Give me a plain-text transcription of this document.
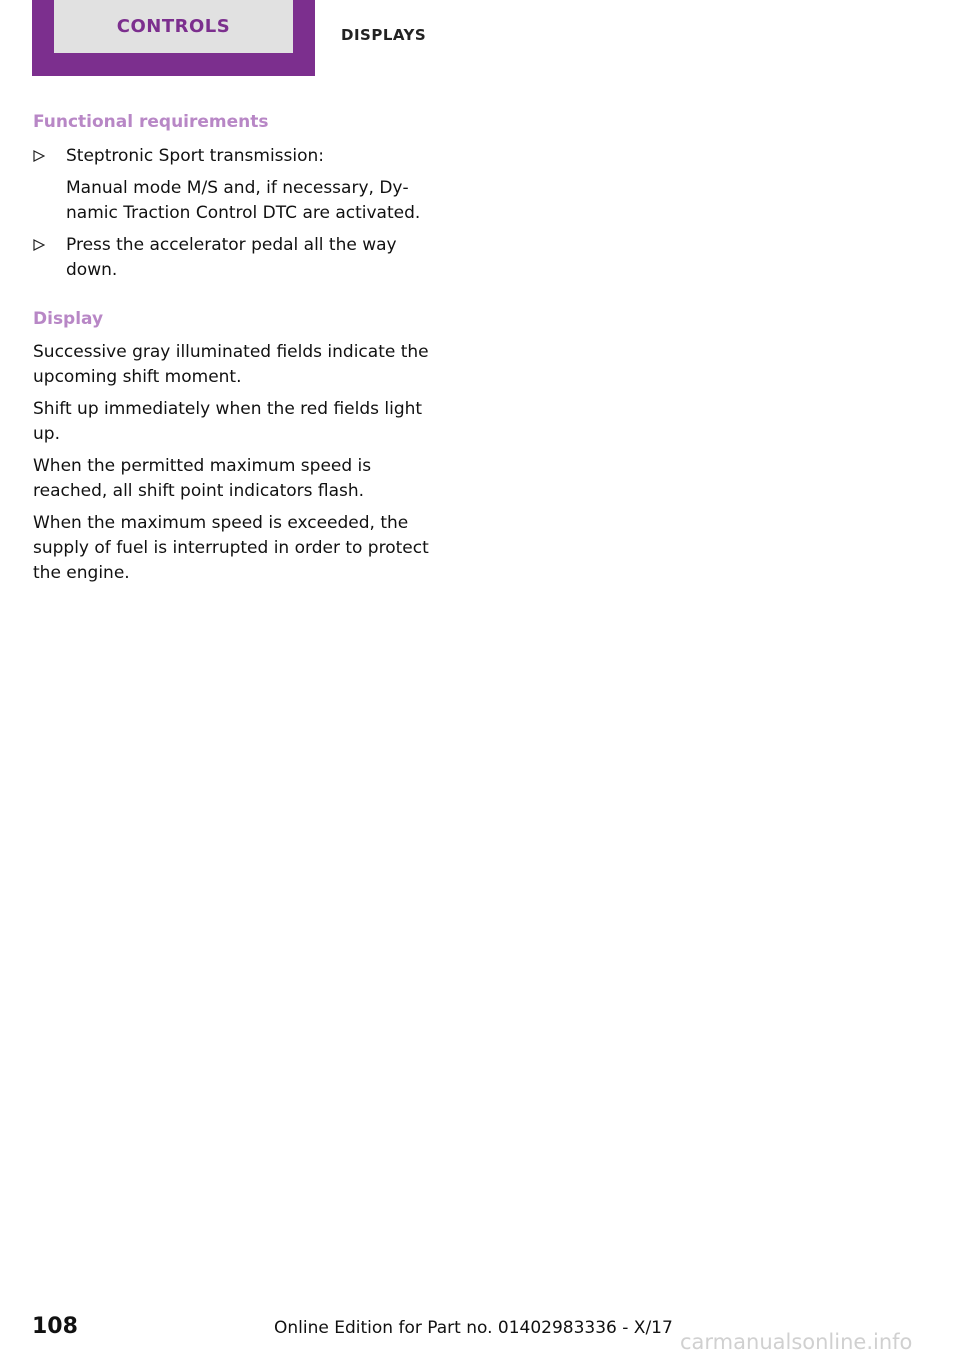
CONTROLS	DISPLAYS
Functional requirements
Steptronic Sport transmission:
Manual mode M/S and, if necessary, Dy‐ namic Traction Control DTC are activated.
Press the accelerator pedal all the way down.
Display
Successive gray illuminated fields indicate the upcoming shift moment.
Shift up immediately when the red fields light up.
When the permitted maximum speed is reached, all shift point indicators flash.
When the maximum speed is exceeded, the supply of fuel is interrupted in order to protect the engine.
108	Online Edition for Part no. 01402983336 - X/17
carmanualsonline.info
